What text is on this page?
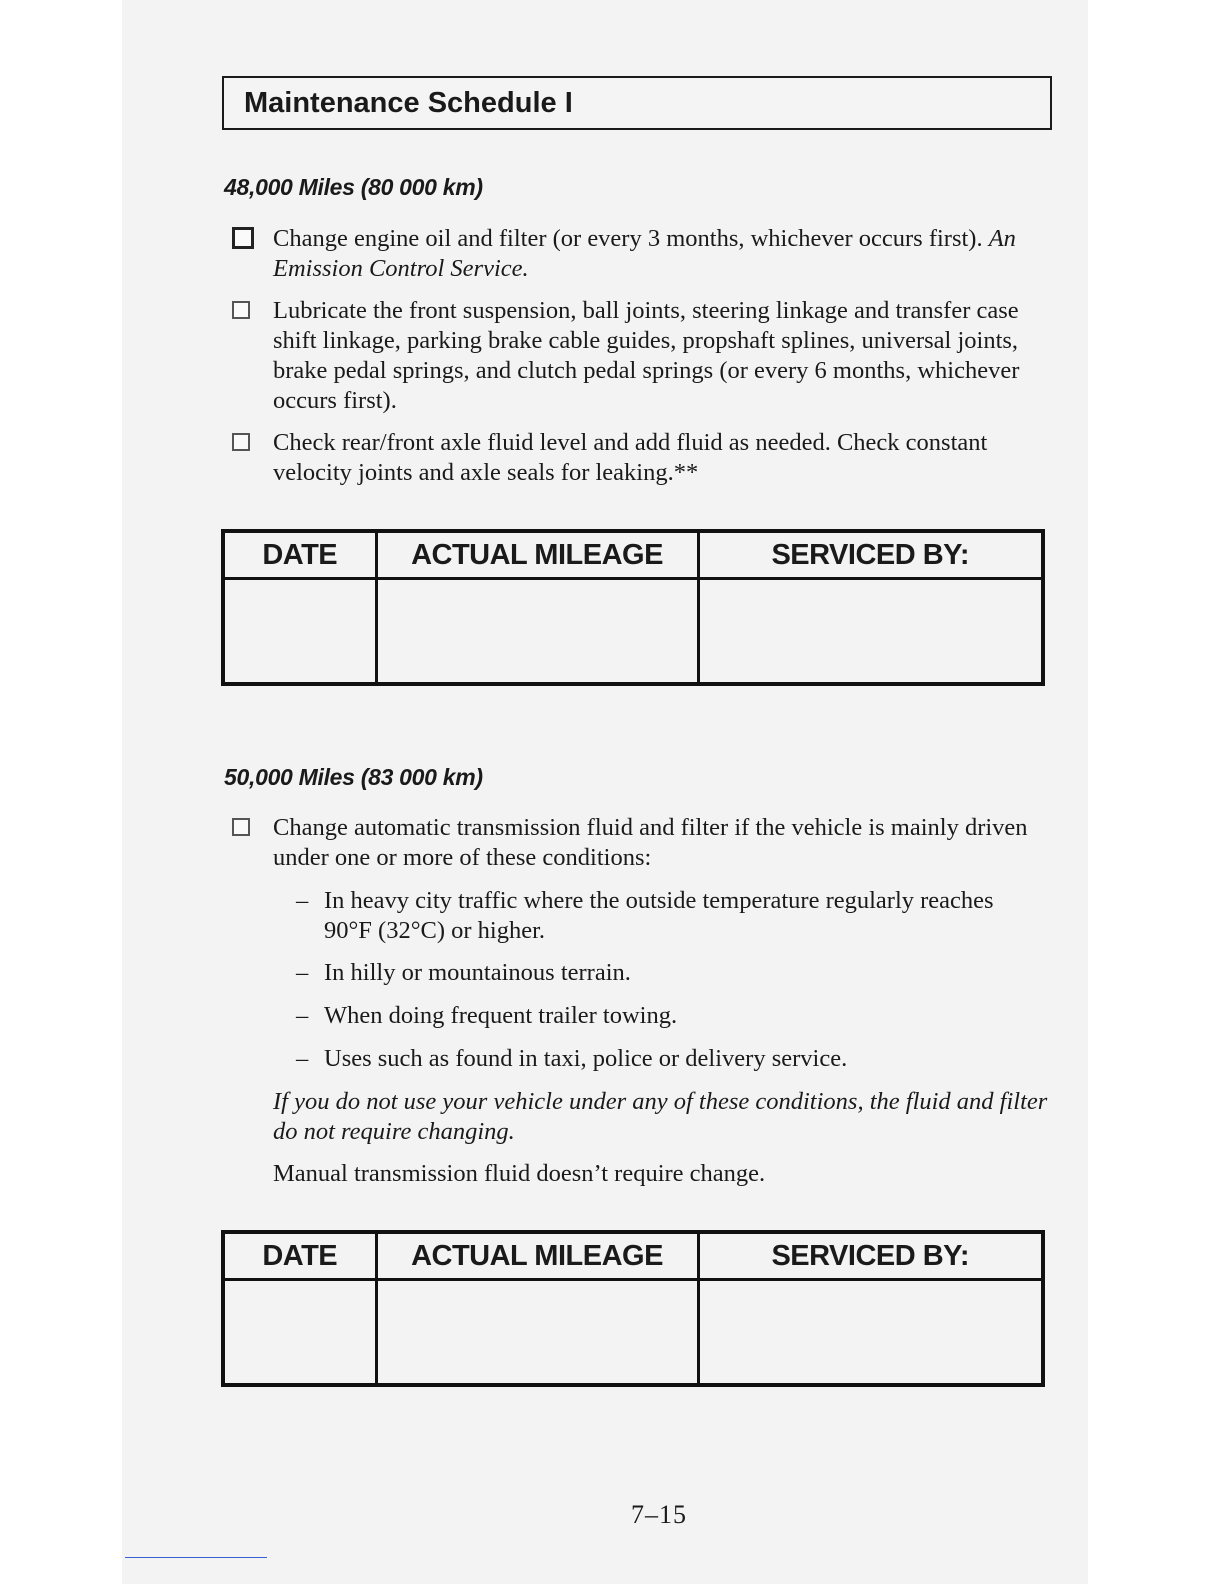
Maintenance Schedule I
48,000 Miles (80 000 km)
Change engine oil and filter (or every 3 months, whichever occurs first). An Emission Control Service.
Lubricate the front suspension, ball joints, steering linkage and transfer case shift linkage, parking brake cable guides, propshaft splines, universal joints, brake pedal springs, and clutch pedal springs (or every 6 months, whichever occurs first).
Check rear/front axle fluid level and add fluid as needed. Check constant velocity joints and axle seals for leaking.**
DATE	ACTUAL MILEAGE	SERVICED BY:

50,000 Miles (83 000 km)
Change automatic transmission fluid and filter if the vehicle is mainly driven under one or more of these conditions:
– In heavy city traffic where the outside temperature regularly reaches 90°F (32°C) or higher.
– In hilly or mountainous terrain.
– When doing frequent trailer towing.
– Uses such as found in taxi, police or delivery service.
If you do not use your vehicle under any of these conditions, the fluid and filter do not require changing.
Manual transmission fluid doesn’t require change.
DATE	ACTUAL MILEAGE	SERVICED BY:

7–15
